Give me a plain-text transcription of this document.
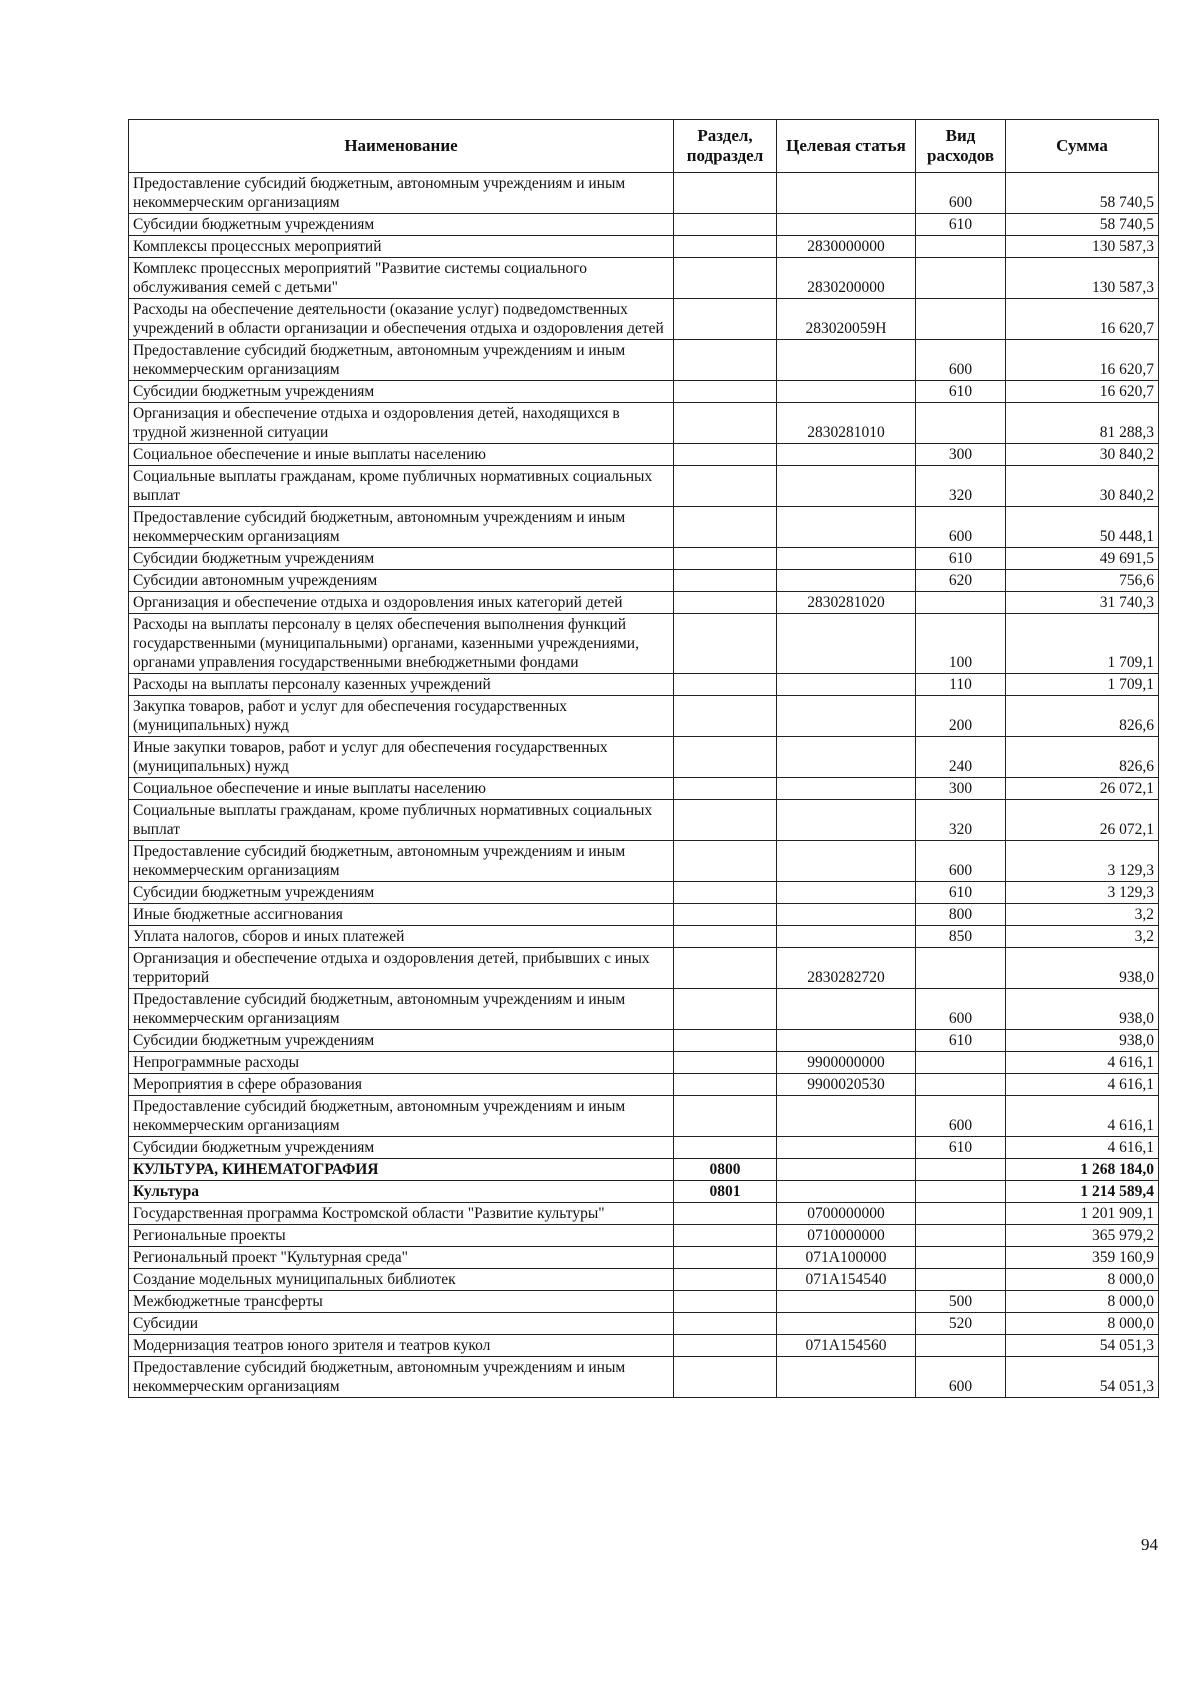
Наименование	Раздел, подраздел	Целевая статья	Вид расходов	Сумма
Предоставление субсидий бюджетным, автономным учреждениям и иным некоммерческим организациям			600	58 740,5
Субсидии бюджетным учреждениям			610	58 740,5
Комплексы процессных мероприятий		2830000000		130 587,3
Комплекс процессных мероприятий "Развитие системы социального обслуживания семей с детьми"		2830200000		130 587,3
Расходы на обеспечение деятельности (оказание услуг) подведомственных учреждений в области организации и обеспечения отдыха и оздоровления детей		283020059Н		16 620,7
Предоставление субсидий бюджетным, автономным учреждениям и иным некоммерческим организациям			600	16 620,7
Субсидии бюджетным учреждениям			610	16 620,7
Организация и обеспечение отдыха и оздоровления детей, находящихся в трудной жизненной ситуации		2830281010		81 288,3
Социальное обеспечение и иные выплаты населению			300	30 840,2
Социальные выплаты гражданам, кроме публичных нормативных социальных выплат			320	30 840,2
Предоставление субсидий бюджетным, автономным учреждениям и иным некоммерческим организациям			600	50 448,1
Субсидии бюджетным учреждениям			610	49 691,5
Субсидии автономным учреждениям			620	756,6
Организация и обеспечение отдыха и оздоровления иных категорий детей		2830281020		31 740,3
Расходы на выплаты персоналу в целях обеспечения выполнения функций государственными (муниципальными) органами, казенными учреждениями, органами управления государственными внебюджетными фондами			100	1 709,1
Расходы на выплаты персоналу казенных учреждений			110	1 709,1
Закупка товаров, работ и услуг для обеспечения государственных (муниципальных) нужд			200	826,6
Иные закупки товаров, работ и услуг для обеспечения государственных (муниципальных) нужд			240	826,6
Социальное обеспечение и иные выплаты населению			300	26 072,1
Социальные выплаты гражданам, кроме публичных нормативных социальных выплат			320	26 072,1
Предоставление субсидий бюджетным, автономным учреждениям и иным некоммерческим организациям			600	3 129,3
Субсидии бюджетным учреждениям			610	3 129,3
Иные бюджетные ассигнования			800	3,2
Уплата налогов, сборов и иных платежей			850	3,2
Организация и обеспечение отдыха и оздоровления детей, прибывших с иных территорий		2830282720		938,0
Предоставление субсидий бюджетным, автономным учреждениям и иным некоммерческим организациям			600	938,0
Субсидии бюджетным учреждениям			610	938,0
Непрограммные расходы		9900000000		4 616,1
Мероприятия в сфере образования		9900020530		4 616,1
Предоставление субсидий бюджетным, автономным учреждениям и иным некоммерческим организациям			600	4 616,1
Субсидии бюджетным учреждениям			610	4 616,1
КУЛЬТУРА, КИНЕМАТОГРАФИЯ	0800			1 268 184,0
Культура	0801			1 214 589,4
Государственная программа Костромской области "Развитие культуры"		0700000000		1 201 909,1
Региональные проекты		0710000000		365 979,2
Региональный проект "Культурная среда"		071А100000		359 160,9
Создание модельных муниципальных библиотек		071А154540		8 000,0
Межбюджетные трансферты			500	8 000,0
Субсидии			520	8 000,0
Модернизация театров юного зрителя и театров кукол		071А154560		54 051,3
Предоставление субсидий бюджетным, автономным учреждениям и иным некоммерческим организациям			600	54 051,3
94
